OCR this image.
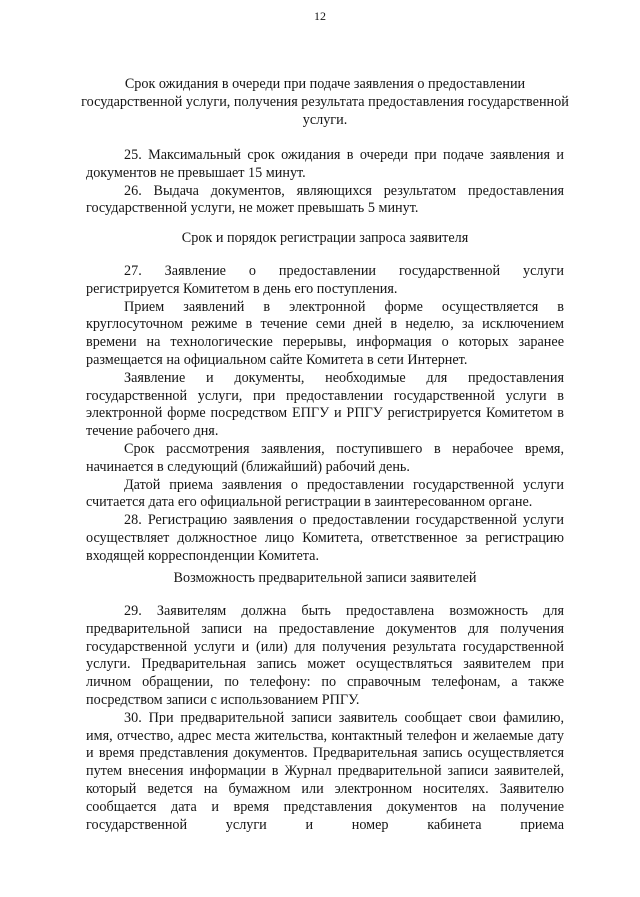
12
Срок ожидания в очереди при подаче заявления о предоставлении государственной услуги, получения результата предоставления государственной услуги.

25. Максимальный срок ожидания в очереди при подаче заявления и документов не превышает 15 минут.

26. Выдача документов, являющихся результатом предоставления государственной услуги, не может превышать 5 минут.

Срок и порядок регистрации запроса заявителя

27. Заявление о предоставлении государственной услуги регистрируется Комитетом в день его поступления.

Прием заявлений в электронной форме осуществляется в круглосуточном режиме в течение семи дней в неделю, за исключением времени на технологические перерывы, информация о которых заранее размещается на официальном сайте Комитета в сети Интернет.

Заявление и документы, необходимые для предоставления государственной услуги, при предоставлении государственной услуги в электронной форме посредством ЕПГУ и РПГУ регистрируется Комитетом в течение рабочего дня.

Срок рассмотрения заявления, поступившего в нерабочее время, начинается в следующий (ближайший) рабочий день.

Датой приема заявления о предоставлении государственной услуги считается дата его официальной регистрации в заинтересованном органе.

28. Регистрацию заявления о предоставлении государственной услуги осуществляет должностное лицо Комитета, ответственное за регистрацию входящей корреспонденции Комитета.

Возможность предварительной записи заявителей

29. Заявителям должна быть предоставлена возможность для предварительной записи на предоставление документов для получения государственной услуги и (или) для получения результата государственной услуги. Предварительная запись может осуществляться заявителем при личном обращении, по телефону: по справочным телефонам, а также посредством записи с использованием РПГУ.

30. При предварительной записи заявитель сообщает свои фамилию, имя, отчество, адрес места жительства, контактный телефон и желаемые дату и время представления документов. Предварительная запись осуществляется путем внесения информации в Журнал предварительной записи заявителей, который ведется на бумажном или электронном носителях. Заявителю сообщается дата и время представления документов на получение государственной услуги и номер кабинета приема
